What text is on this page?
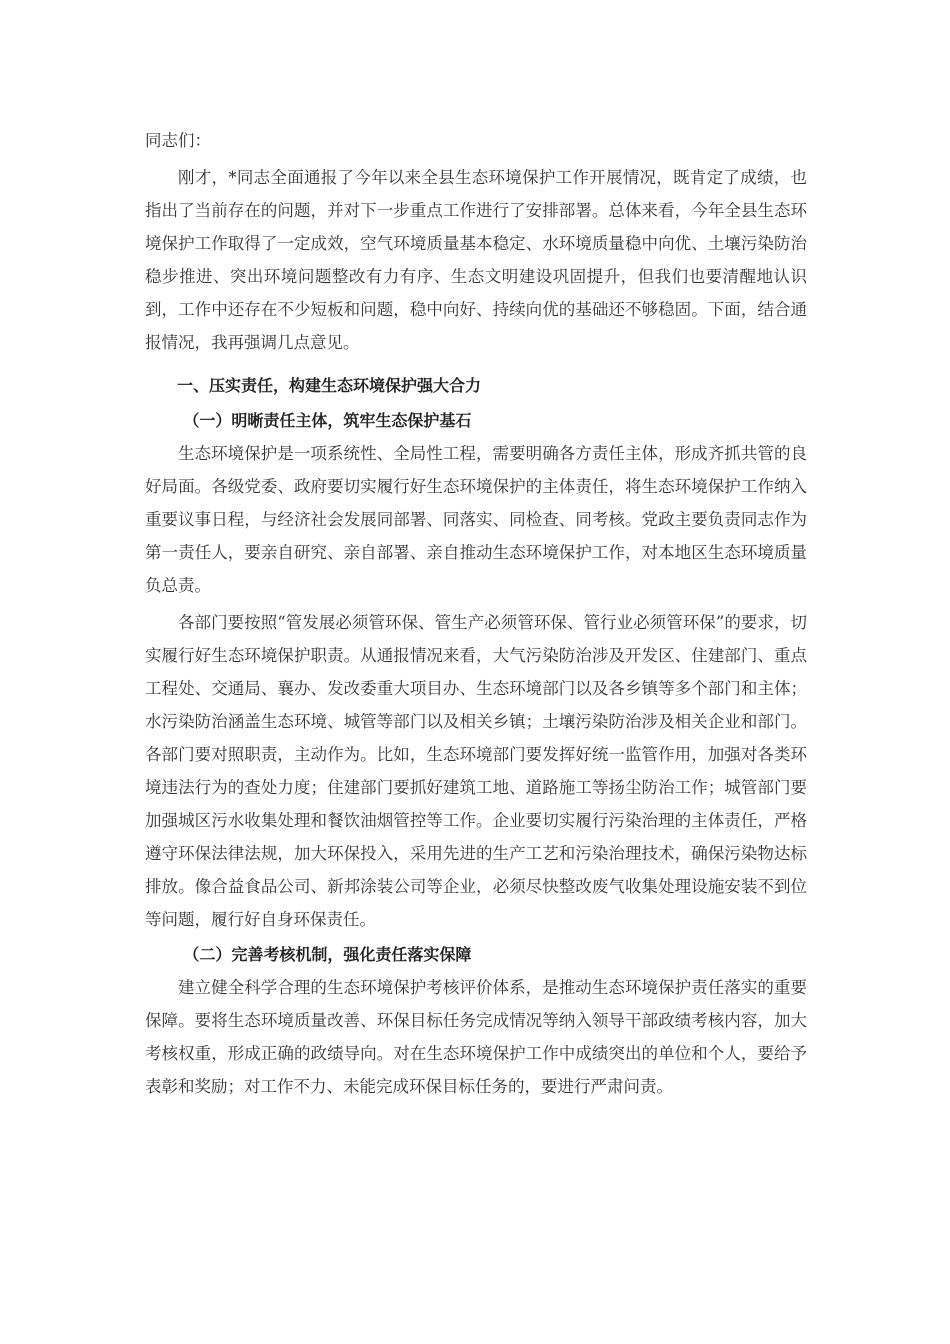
同志们：

刚才，*同志全面通报了今年以来全县生态环境保护工作开展情况，既肯定了成绩，也指出了当前存在的问题，并对下一步重点工作进行了安排部署。总体来看，今年全县生态环境保护工作取得了一定成效，空气环境质量基本稳定、水环境质量稳中向优、土壤污染防治稳步推进、突出环境问题整改有力有序、生态文明建设巩固提升，但我们也要清醒地认识到，工作中还存在不少短板和问题，稳中向好、持续向优的基础还不够稳固。下面，结合通报情况，我再强调几点意见。

一、压实责任，构建生态环境保护强大合力

（一）明晰责任主体，筑牢生态保护基石

生态环境保护是一项系统性、全局性工程，需要明确各方责任主体，形成齐抓共管的良好局面。各级党委、政府要切实履行好生态环境保护的主体责任，将生态环境保护工作纳入重要议事日程，与经济社会发展同部署、同落实、同检查、同考核。党政主要负责同志作为第一责任人，要亲自研究、亲自部署、亲自推动生态环境保护工作，对本地区生态环境质量负总责。

各部门要按照“管发展必须管环保、管生产必须管环保、管行业必须管环保”的要求，切实履行好生态环境保护职责。从通报情况来看，大气污染防治涉及开发区、住建部门、重点工程处、交通局、襄办、发改委重大项目办、生态环境部门以及各乡镇等多个部门和主体；水污染防治涵盖生态环境、城管等部门以及相关乡镇；土壤污染防治涉及相关企业和部门。各部门要对照职责，主动作为。比如，生态环境部门要发挥好统一监管作用，加强对各类环境违法行为的查处力度；住建部门要抓好建筑工地、道路施工等扬尘防治工作；城管部门要加强城区污水收集处理和餐饮油烟管控等工作。企业要切实履行污染治理的主体责任，严格遵守环保法律法规，加大环保投入，采用先进的生产工艺和污染治理技术，确保污染物达标排放。像合益食品公司、新邦涂装公司等企业，必须尽快整改废气收集处理设施安装不到位等问题，履行好自身环保责任。

（二）完善考核机制，强化责任落实保障

建立健全科学合理的生态环境保护考核评价体系，是推动生态环境保护责任落实的重要保障。要将生态环境质量改善、环保目标任务完成情况等纳入领导干部政绩考核内容，加大考核权重，形成正确的政绩导向。对在生态环境保护工作中成绩突出的单位和个人，要给予表彰和奖励；对工作不力、未能完成环保目标任务的，要进行严肃问责。
